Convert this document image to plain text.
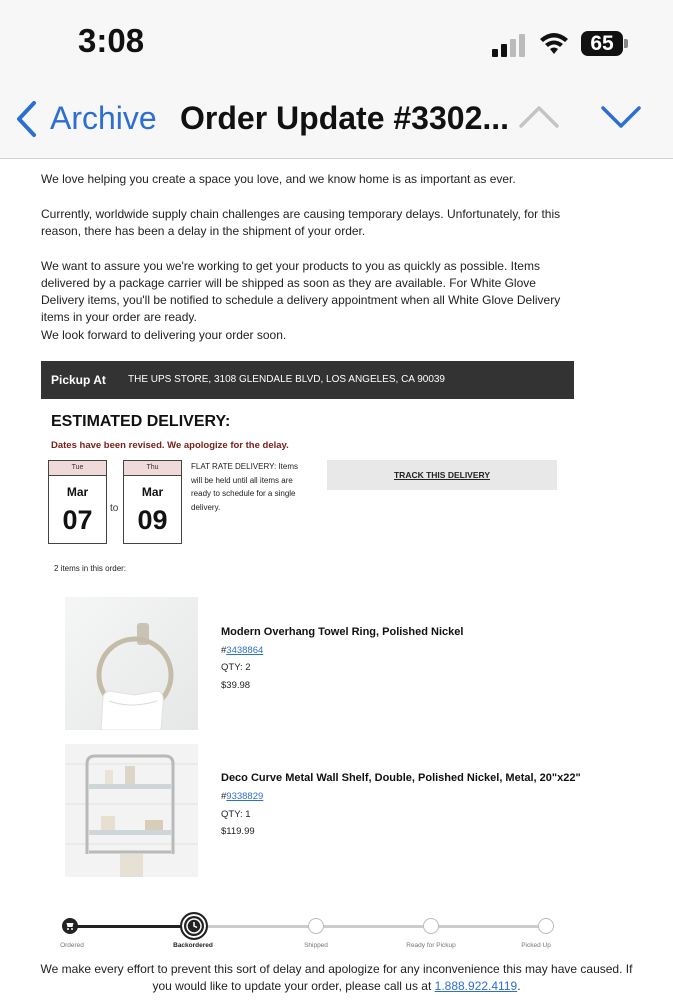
3:08	65
Archive Order Update #3302...

We love helping you create a space you love, and we know home is as important as ever.

Currently, worldwide supply chain challenges are causing temporary delays. Unfortunately, for this reason, there has been a delay in the shipment of your order.

We want to assure you we're working to get your products to you as quickly as possible. Items delivered by a package carrier will be shipped as soon as they are available. For White Glove Delivery items, you'll be notified to schedule a delivery appointment when all White Glove Delivery items in your order are ready.

We look forward to delivering your order soon.

Pickup At THE UPS STORE, 3108 GLENDALE BLVD, LOS ANGELES, CA 90039
ESTIMATED DELIVERY:
Dates have been revised. We apologize for the delay.
Tue
Mar
07	to
Thu
Mar
09
FLAT RATE DELIVERY: Items will be held until all items are ready to schedule for a single delivery.
TRACK THIS DELIVERY
2 items in this order:
Modern Overhang Towel Ring, Polished Nickel
#3438864
QTY: 2
$39.98
Deco Curve Metal Wall Shelf, Double, Polished Nickel, Metal, 20"x22"
#9338829
QTY: 1
$119.99
Ordered	Backordered	Shipped	Ready for Pickup	Picked Up
We make every effort to prevent this sort of delay and apologize for any inconvenience this may have caused. If you would like to update your order, please call us at 1.888.922.4119.
